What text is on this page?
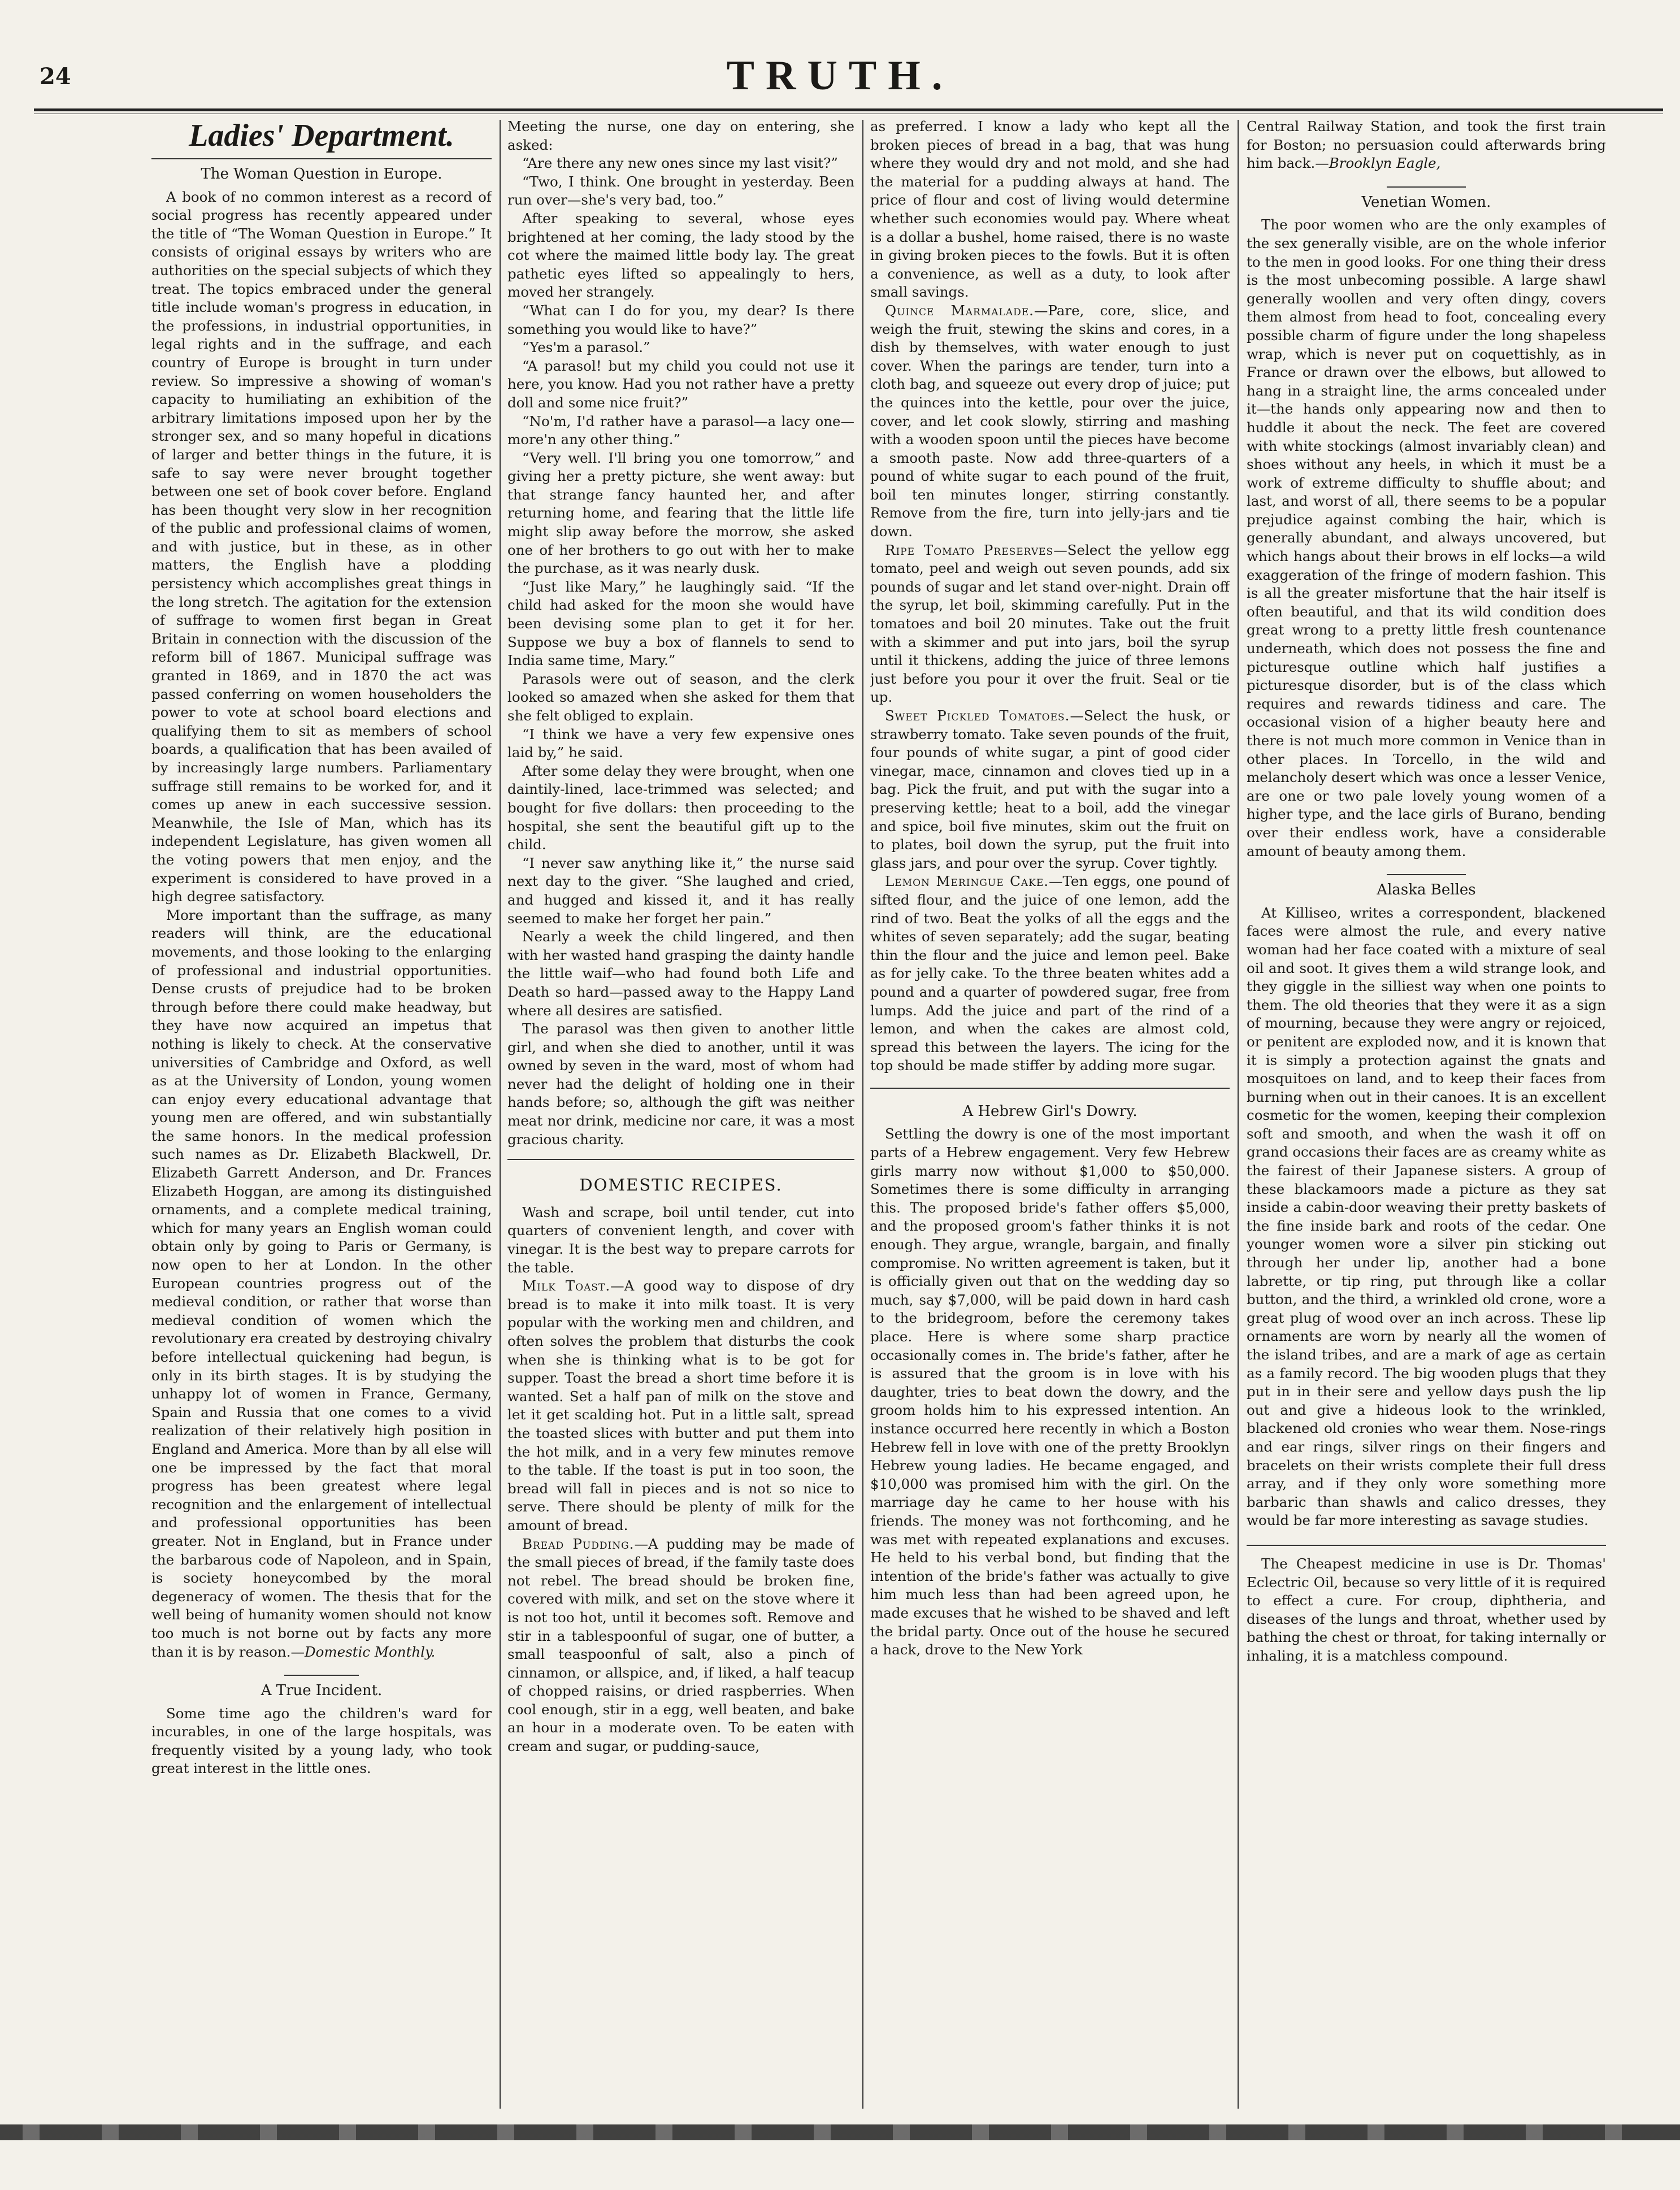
24	TRUTH.
Ladies' Department.
The Woman Question in Europe.

A book of no common interest as a record of social progress has recently appeared under the title of “The Woman Question in Europe.” It consists of original essays by writers who are authorities on the special subjects of which they treat. The topics embraced under the general title include woman's progress in education, in the professions, in industrial opportunities, in legal rights and in the suffrage, and each country of Europe is brought in turn under review. So impressive a showing of woman's capacity to humiliating an exhibition of the arbitrary limitations imposed upon her by the stronger sex, and so many hopeful in dications of larger and better things in the future, it is safe to say were never brought together between one set of book cover before. England has been thought very slow in her recognition of the public and professional claims of women, and with justice, but in these, as in other matters, the English have a plodding persistency which accomplishes great things in the long stretch. The agitation for the extension of suffrage to women first began in Great Britain in connection with the discussion of the reform bill of 1867. Municipal suffrage was granted in 1869, and in 1870 the act was passed conferring on women householders the power to vote at school board elections and qualifying them to sit as members of school boards, a qualification that has been availed of by increasingly large numbers. Parliamentary suffrage still remains to be worked for, and it comes up anew in each successive session. Meanwhile, the Isle of Man, which has its independent Legislature, has given women all the voting powers that men enjoy, and the experiment is considered to have proved in a high degree satisfactory.

More important than the suffrage, as many readers will think, are the educational movements, and those looking to the enlarging of professional and industrial opportunities. Dense crusts of prejudice had to be broken through before there could make headway, but they have now acquired an impetus that nothing is likely to check. At the conservative universities of Cambridge and Oxford, as well as at the University of London, young women can enjoy every educational advantage that young men are offered, and win substantially the same honors. In the medical profession such names as Dr. Elizabeth Blackwell, Dr. Elizabeth Garrett Anderson, and Dr. Frances Elizabeth Hoggan, are among its distinguished ornaments, and a complete medical training, which for many years an English woman could obtain only by going to Paris or Germany, is now open to her at London. In the other European countries progress out of the medieval condition, or rather that worse than medieval condition of women which the revolutionary era created by destroying chivalry before intellectual quickening had begun, is only in its birth stages. It is by studying the unhappy lot of women in France, Germany, Spain and Russia that one comes to a vivid realization of their relatively high position in England and America. More than by all else will one be impressed by the fact that moral progress has been greatest where legal recognition and the enlargement of intellectual and professional opportunities has been greater. Not in England, but in France under the barbarous code of Napoleon, and in Spain, is society honeycombed by the moral degeneracy of women. The thesis that for the well being of humanity women should not know too much is not borne out by facts any more than it is by reason.—Domestic Monthly.

A True Incident.

Some time ago the children's ward for incurables, in one of the large hospitals, was frequently visited by a young lady, who took great interest in the little ones.

Meeting the nurse, one day on entering, she asked:

“Are there any new ones since my last visit?”

“Two, I think. One brought in yesterday. Been run over—she's very bad, too.”

After speaking to several, whose eyes brightened at her coming, the lady stood by the cot where the maimed little body lay. The great pathetic eyes lifted so appealingly to hers, moved her strangely.

“What can I do for you, my dear? Is there something you would like to have?”

“Yes'm a parasol.”

“A parasol! but my child you could not use it here, you know. Had you not rather have a pretty doll and some nice fruit?”

“No'm, I'd rather have a parasol—a lacy one—more'n any other thing.”

“Very well. I'll bring you one tomorrow,” and giving her a pretty picture, she went away: but that strange fancy haunted her, and after returning home, and fearing that the little life might slip away before the morrow, she asked one of her brothers to go out with her to make the purchase, as it was nearly dusk.

“Just like Mary,” he laughingly said. “If the child had asked for the moon she would have been devising some plan to get it for her. Suppose we buy a box of flannels to send to India same time, Mary.”

Parasols were out of season, and the clerk looked so amazed when she asked for them that she felt obliged to explain.

“I think we have a very few expensive ones laid by,” he said.

After some delay they were brought, when one daintily-lined, lace-trimmed was selected; and bought for five dollars: then proceeding to the hospital, she sent the beautiful gift up to the child.

“I never saw anything like it,” the nurse said next day to the giver. “She laughed and cried, and hugged and kissed it, and it has really seemed to make her forget her pain.”

Nearly a week the child lingered, and then with her wasted hand grasping the dainty handle the little waif—who had found both Life and Death so hard—passed away to the Happy Land where all desires are satisfied.

The parasol was then given to another little girl, and when she died to another, until it was owned by seven in the ward, most of whom had never had the delight of holding one in their hands before; so, although the gift was neither meat nor drink, medicine nor care, it was a most gracious charity.

DOMESTIC RECIPES.

Wash and scrape, boil until tender, cut into quarters of convenient length, and cover with vinegar. It is the best way to prepare carrots for the table.

Milk Toast.—A good way to dispose of dry bread is to make it into milk toast. It is very popular with the working men and children, and often solves the problem that disturbs the cook when she is thinking what is to be got for supper. Toast the bread a short time before it is wanted. Set a half pan of milk on the stove and let it get scalding hot. Put in a little salt, spread the toasted slices with butter and put them into the hot milk, and in a very few minutes remove to the table. If the toast is put in too soon, the bread will fall in pieces and is not so nice to serve. There should be plenty of milk for the amount of bread.

Bread Pudding.—A pudding may be made of the small pieces of bread, if the family taste does not rebel. The bread should be broken fine, covered with milk, and set on the stove where it is not too hot, until it becomes soft. Remove and stir in a tablespoonful of sugar, one of butter, a small teaspoonful of salt, also a pinch of cinnamon, or allspice, and, if liked, a half teacup of chopped raisins, or dried raspberries. When cool enough, stir in a egg, well beaten, and bake an hour in a moderate oven. To be eaten with cream and sugar, or pudding-sauce,

as preferred. I know a lady who kept all the broken pieces of bread in a bag, that was hung where they would dry and not mold, and she had the material for a pudding always at hand. The price of flour and cost of living would determine whether such economies would pay. Where wheat is a dollar a bushel, home raised, there is no waste in giving broken pieces to the fowls. But it is often a convenience, as well as a duty, to look after small savings.

Quince Marmalade.—Pare, core, slice, and weigh the fruit, stewing the skins and cores, in a dish by themselves, with water enough to just cover. When the parings are tender, turn into a cloth bag, and squeeze out every drop of juice; put the quinces into the kettle, pour over the juice, cover, and let cook slowly, stirring and mashing with a wooden spoon until the pieces have become a smooth paste. Now add three-quarters of a pound of white sugar to each pound of the fruit, boil ten minutes longer, stirring constantly. Remove from the fire, turn into jelly-jars and tie down.

Ripe Tomato Preserves—Select the yellow egg tomato, peel and weigh out seven pounds, add six pounds of sugar and let stand over-night. Drain off the syrup, let boil, skimming carefully. Put in the tomatoes and boil 20 minutes. Take out the fruit with a skimmer and put into jars, boil the syrup until it thickens, adding the juice of three lemons just before you pour it over the fruit. Seal or tie up.

Sweet Pickled Tomatoes.—Select the husk, or strawberry tomato. Take seven pounds of the fruit, four pounds of white sugar, a pint of good cider vinegar, mace, cinnamon and cloves tied up in a bag. Pick the fruit, and put with the sugar into a preserving kettle; heat to a boil, add the vinegar and spice, boil five minutes, skim out the fruit on to plates, boil down the syrup, put the fruit into glass jars, and pour over the syrup. Cover tightly.

Lemon Meringue Cake.—Ten eggs, one pound of sifted flour, and the juice of one lemon, add the rind of two. Beat the yolks of all the eggs and the whites of seven separately; add the sugar, beating thin the flour and the juice and lemon peel. Bake as for jelly cake. To the three beaten whites add a pound and a quarter of powdered sugar, free from lumps. Add the juice and part of the rind of a lemon, and when the cakes are almost cold, spread this between the layers. The icing for the top should be made stiffer by adding more sugar.

A Hebrew Girl's Dowry.

Settling the dowry is one of the most important parts of a Hebrew engagement. Very few Hebrew girls marry now without $1,000 to $50,000. Sometimes there is some difficulty in arranging this. The proposed bride's father offers $5,000, and the proposed groom's father thinks it is not enough. They argue, wrangle, bargain, and finally compromise. No written agreement is taken, but it is officially given out that on the wedding day so much, say $7,000, will be paid down in hard cash to the bridegroom, before the ceremony takes place. Here is where some sharp practice occasionally comes in. The bride's father, after he is assured that the groom is in love with his daughter, tries to beat down the dowry, and the groom holds him to his expressed intention. An instance occurred here recently in which a Boston Hebrew fell in love with one of the pretty Brooklyn Hebrew young ladies. He became engaged, and $10,000 was promised him with the girl. On the marriage day he came to her house with his friends. The money was not forthcoming, and he was met with repeated explanations and excuses. He held to his verbal bond, but finding that the intention of the bride's father was actually to give him much less than had been agreed upon, he made excuses that he wished to be shaved and left the bridal party. Once out of the house he secured a hack, drove to the New York

Central Railway Station, and took the first train for Boston; no persuasion could afterwards bring him back.—Brooklyn Eagle,

Venetian Women.

The poor women who are the only examples of the sex generally visible, are on the whole inferior to the men in good looks. For one thing their dress is the most unbecoming possible. A large shawl generally woollen and very often dingy, covers them almost from head to foot, concealing every possible charm of figure under the long shapeless wrap, which is never put on coquettishly, as in France or drawn over the elbows, but allowed to hang in a straight line, the arms concealed under it—the hands only appearing now and then to huddle it about the neck. The feet are covered with white stockings (almost invariably clean) and shoes without any heels, in which it must be a work of extreme difficulty to shuffle about; and last, and worst of all, there seems to be a popular prejudice against combing the hair, which is generally abundant, and always uncovered, but which hangs about their brows in elf locks—a wild exaggeration of the fringe of modern fashion. This is all the greater misfortune that the hair itself is often beautiful, and that its wild condition does great wrong to a pretty little fresh countenance underneath, which does not possess the fine and picturesque outline which half justifies a picturesque disorder, but is of the class which requires and rewards tidiness and care. The occasional vision of a higher beauty here and there is not much more common in Venice than in other places. In Torcello, in the wild and melancholy desert which was once a lesser Venice, are one or two pale lovely young women of a higher type, and the lace girls of Burano, bending over their endless work, have a considerable amount of beauty among them.

Alaska Belles

At Killiseo, writes a correspondent, blackened faces were almost the rule, and every native woman had her face coated with a mixture of seal oil and soot. It gives them a wild strange look, and they giggle in the silliest way when one points to them. The old theories that they were it as a sign of mourning, because they were angry or rejoiced, or penitent are exploded now, and it is known that it is simply a protection against the gnats and mosquitoes on land, and to keep their faces from burning when out in their canoes. It is an excellent cosmetic for the women, keeping their complexion soft and smooth, and when the wash it off on grand occasions their faces are as creamy white as the fairest of their Japanese sisters. A group of these blackamoors made a picture as they sat inside a cabin-door weaving their pretty baskets of the fine inside bark and roots of the cedar. One younger women wore a silver pin sticking out through her under lip, another had a bone labrette, or tip ring, put through like a collar button, and the third, a wrinkled old crone, wore a great plug of wood over an inch across. These lip ornaments are worn by nearly all the women of the island tribes, and are a mark of age as certain as a family record. The big wooden plugs that they put in in their sere and yellow days push the lip out and give a hideous look to the wrinkled, blackened old cronies who wear them. Nose-rings and ear rings, silver rings on their fingers and bracelets on their wrists complete their full dress array, and if they only wore something more barbaric than shawls and calico dresses, they would be far more interesting as savage studies.

The Cheapest medicine in use is Dr. Thomas' Eclectric Oil, because so very little of it is required to effect a cure. For croup, diphtheria, and diseases of the lungs and throat, whether used by bathing the chest or throat, for taking internally or inhaling, it is a matchless compound.
